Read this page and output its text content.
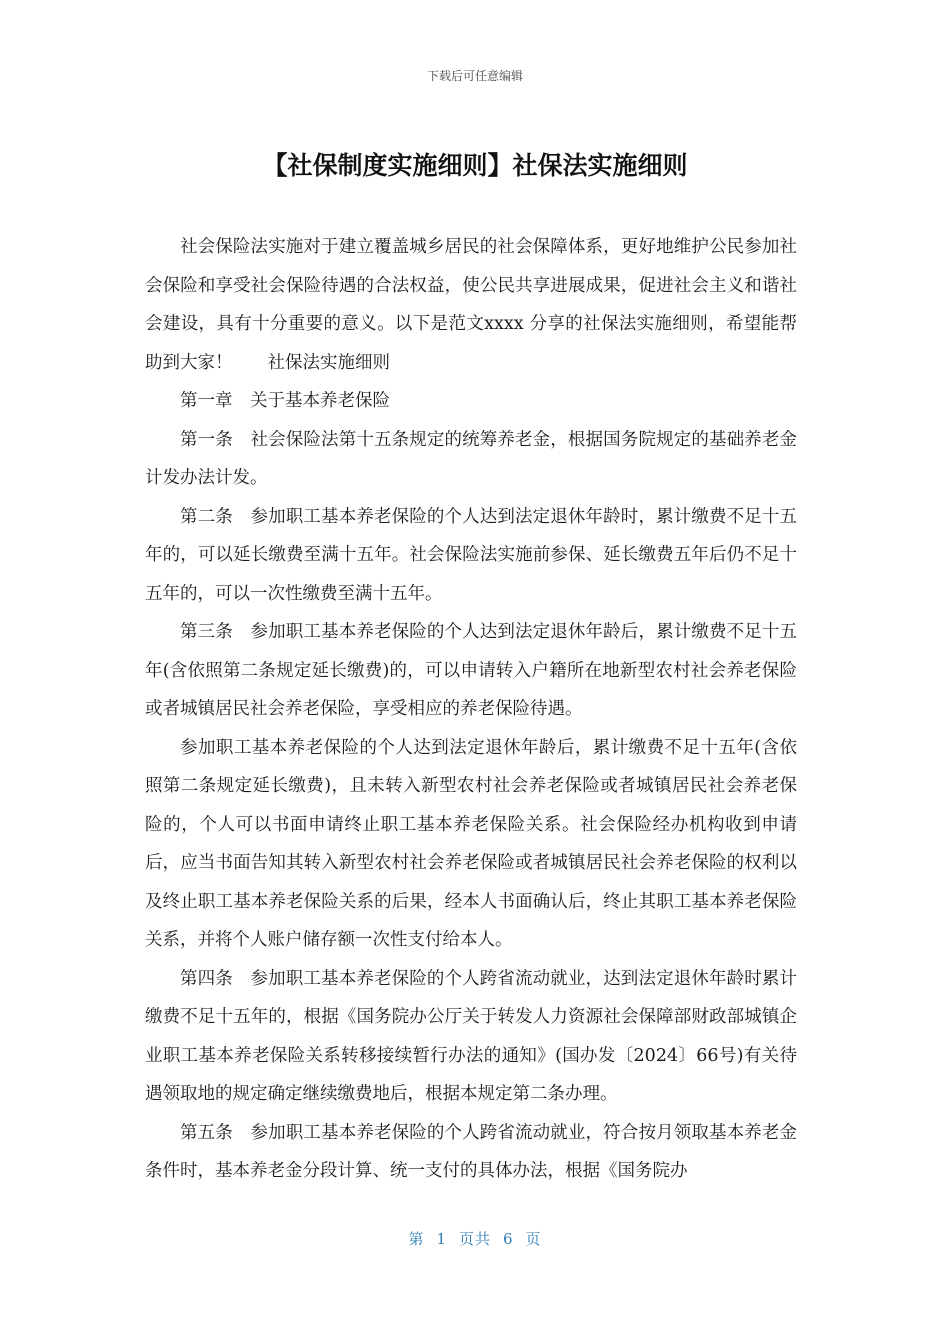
下载后可任意编辑
【社保制度实施细则】社保法实施细则

社会保险法实施对于建立覆盖城乡居民的社会保障体系，更好地维护公民参加社会保险和享受社会保险待遇的合法权益，使公民共享进展成果，促进社会主义和谐社会建设，具有十分重要的意义。以下是范文xxxx 分享的社保法实施细则，希望能帮助到大家！　　社保法实施细则

第一章　关于基本养老保险

第一条　社会保险法第十五条规定的统筹养老金，根据国务院规定的基础养老金计发办法计发。

第二条　参加职工基本养老保险的个人达到法定退休年龄时，累计缴费不足十五年的，可以延长缴费至满十五年。社会保险法实施前参保、延长缴费五年后仍不足十五年的，可以一次性缴费至满十五年。

第三条　参加职工基本养老保险的个人达到法定退休年龄后，累计缴费不足十五年(含依照第二条规定延长缴费)的，可以申请转入户籍所在地新型农村社会养老保险或者城镇居民社会养老保险，享受相应的养老保险待遇。

参加职工基本养老保险的个人达到法定退休年龄后，累计缴费不足十五年(含依照第二条规定延长缴费)，且未转入新型农村社会养老保险或者城镇居民社会养老保险的，个人可以书面申请终止职工基本养老保险关系。社会保险经办机构收到申请后，应当书面告知其转入新型农村社会养老保险或者城镇居民社会养老保险的权利以及终止职工基本养老保险关系的后果，经本人书面确认后，终止其职工基本养老保险关系，并将个人账户储存额一次性支付给本人。

第四条　参加职工基本养老保险的个人跨省流动就业，达到法定退休年龄时累计缴费不足十五年的，根据《国务院办公厅关于转发人力资源社会保障部财政部城镇企业职工基本养老保险关系转移接续暂行办法的通知》(国办发〔2024〕66号)有关待遇领取地的规定确定继续缴费地后，根据本规定第二条办理。

第五条　参加职工基本养老保险的个人跨省流动就业，符合按月领取基本养老金条件时，基本养老金分段计算、统一支付的具体办法，根据《国务院办

第 1 页共 6 页
